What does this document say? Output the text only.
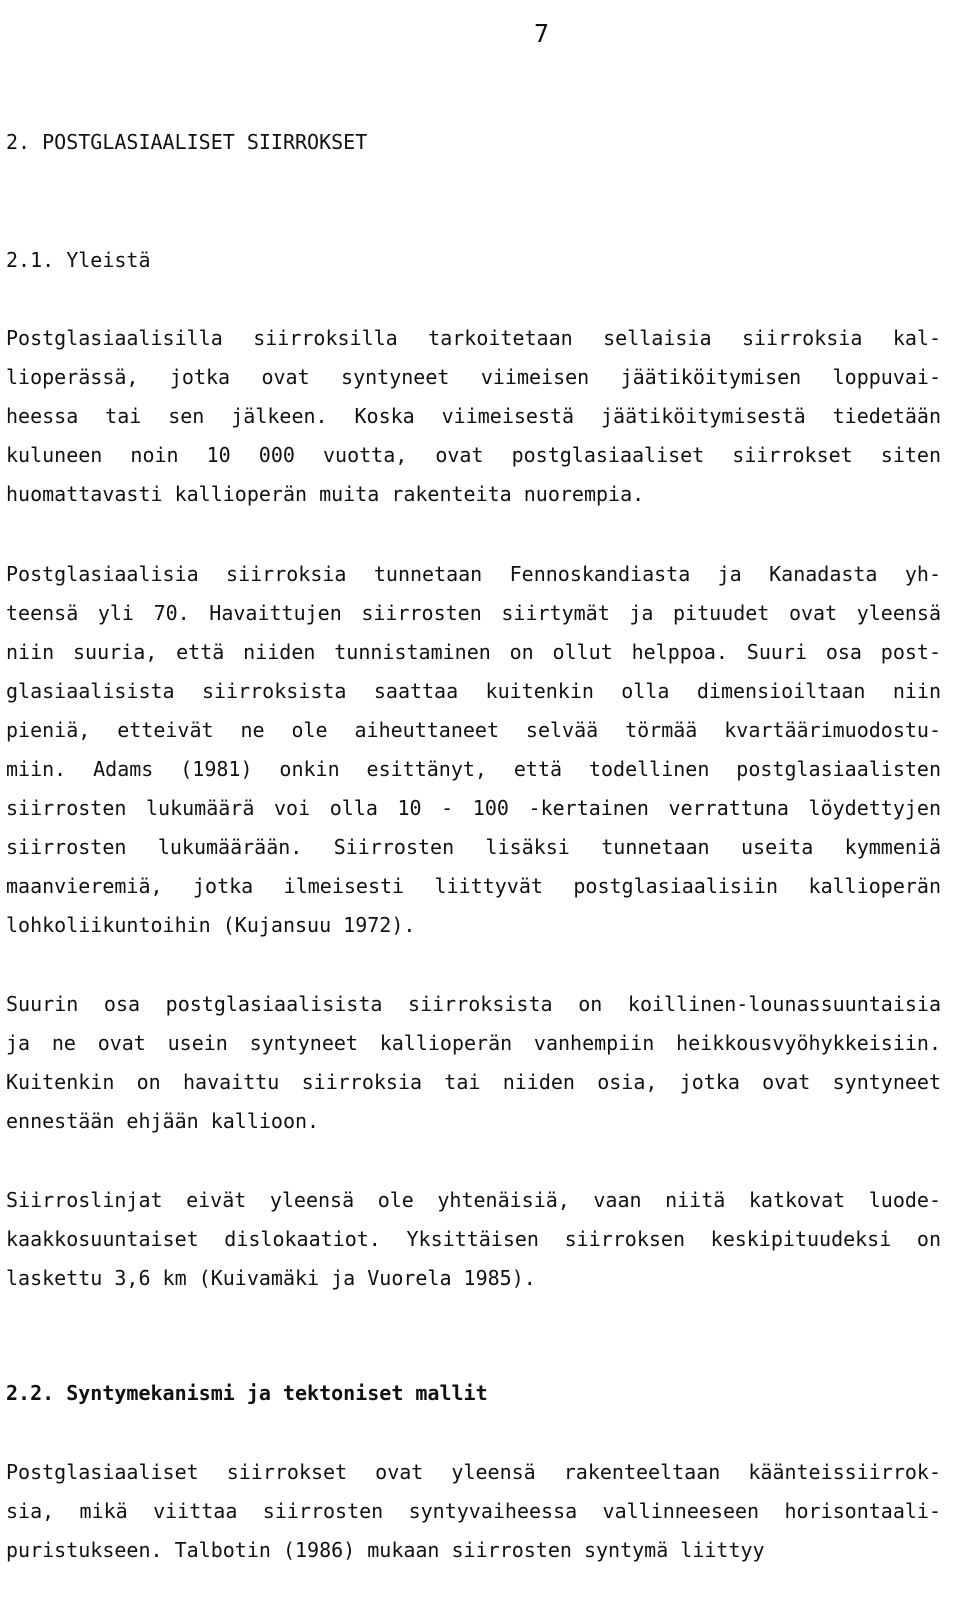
7
2. POSTGLASIAALISET SIIRROKSET
2.1. Yleistä
Postglasiaalisilla siirroksilla tarkoitetaan sellaisia siirroksia kal-
lioperässä, jotka ovat syntyneet viimeisen jäätiköitymisen loppuvai-
heessa tai sen jälkeen. Koska viimeisestä jäätiköitymisestä tiedetään
kuluneen noin 10 000 vuotta, ovat postglasiaaliset siirrokset siten
huomattavasti kallioperän muita rakenteita nuorempia.
Postglasiaalisia siirroksia tunnetaan Fennoskandiasta ja Kanadasta yh-
teensä yli 70. Havaittujen siirrosten siirtymät ja pituudet ovat yleensä
niin suuria, että niiden tunnistaminen on ollut helppoa. Suuri osa post-
glasiaalisista siirroksista saattaa kuitenkin olla dimensioiltaan niin
pieniä, etteivät ne ole aiheuttaneet selvää törmää kvartäärimuodostu-
miin. Adams (1981) onkin esittänyt, että todellinen postglasiaalisten
siirrosten lukumäärä voi olla 10 - 100 -kertainen verrattuna löydettyjen
siirrosten lukumäärään. Siirrosten lisäksi tunnetaan useita kymmeniä
maanvieremiä, jotka ilmeisesti liittyvät postglasiaalisiin kallioperän
lohkoliikuntoihin (Kujansuu 1972).
Suurin osa postglasiaalisista siirroksista on koillinen-lounassuuntaisia
ja ne ovat usein syntyneet kallioperän vanhempiin heikkousvyöhykkeisiin.
Kuitenkin on havaittu siirroksia tai niiden osia, jotka ovat syntyneet
ennestään ehjään kallioon.
Siirroslinjat eivät yleensä ole yhtenäisiä, vaan niitä katkovat luode-
kaakkosuuntaiset dislokaatiot. Yksittäisen siirroksen keskipituudeksi on
laskettu 3,6 km (Kuivamäki ja Vuorela 1985).
2.2. Syntymekanismi ja tektoniset mallit
Postglasiaaliset siirrokset ovat yleensä rakenteeltaan käänteissiirrok-
sia, mikä viittaa siirrosten syntyvaiheessa vallinneeseen horisontaali-
puristukseen. Talbotin (1986) mukaan siirrosten syntymä liittyy
